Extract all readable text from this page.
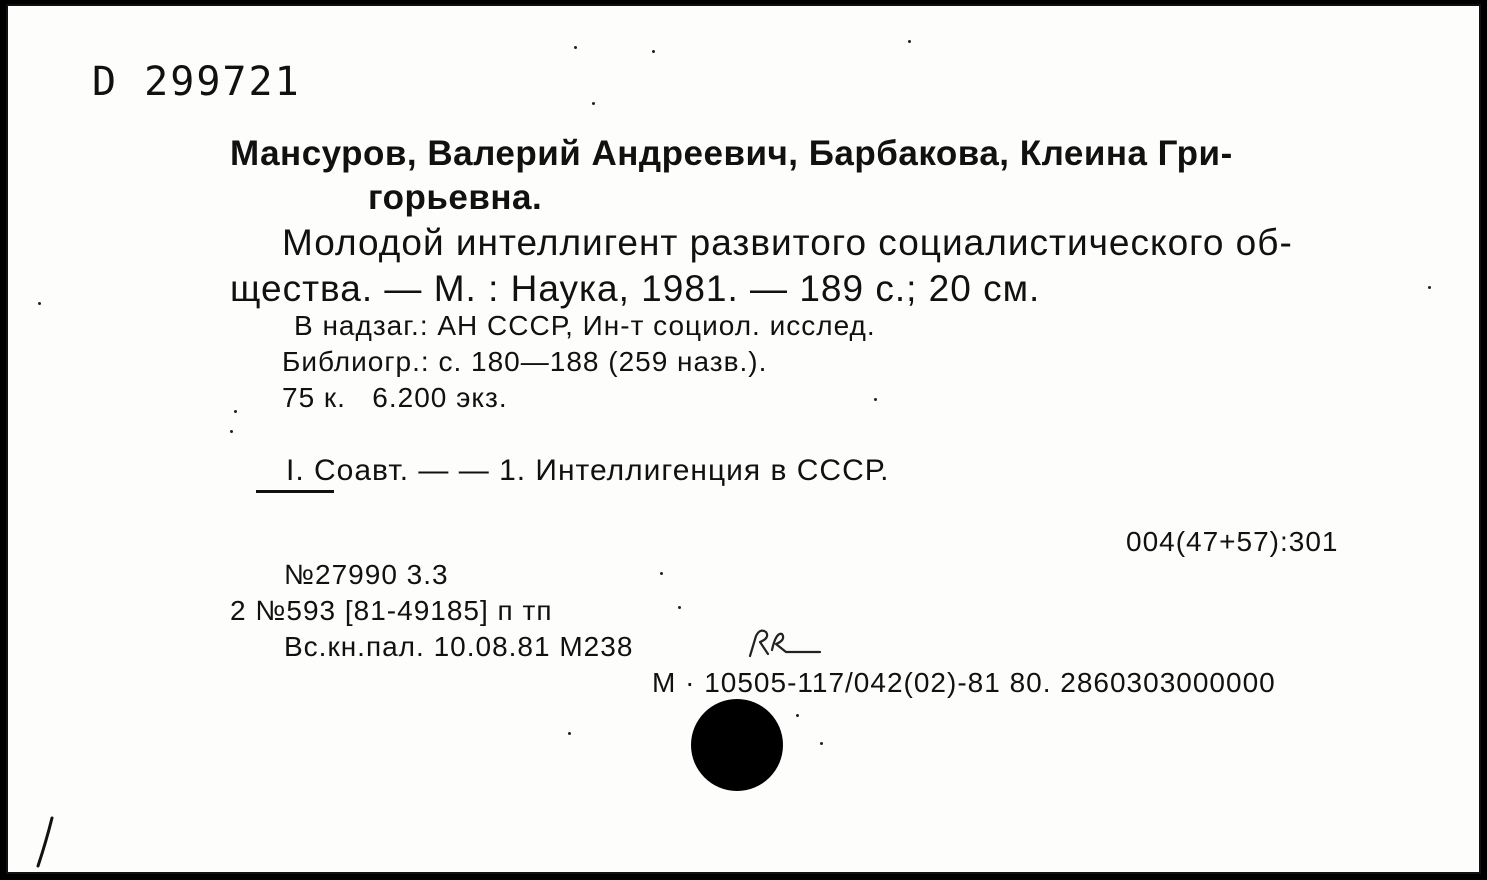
D 299721
Мансуров, Валерий Андреевич, Барбакова, Клеина Гри-
горьевна.
Молодой интеллигент развитого социалистического об-
щества. — М. : Наука, 1981. — 189 с.; 20 см.
В надзаг.: АН СССР, Ин-т социол. исслед.
Библиогр.: с. 180—188 (259 назв.).
75 к.   6.200 экз.
I. Соавт. — — 1. Интеллигенция в СССР.
004(47+57):301
№27990 3.3
2 №593 [81-49185] п тп
Вс.кн.пал. 10.08.81 М238
М · 10505-117/042(02)-81 80. 2860303000000
